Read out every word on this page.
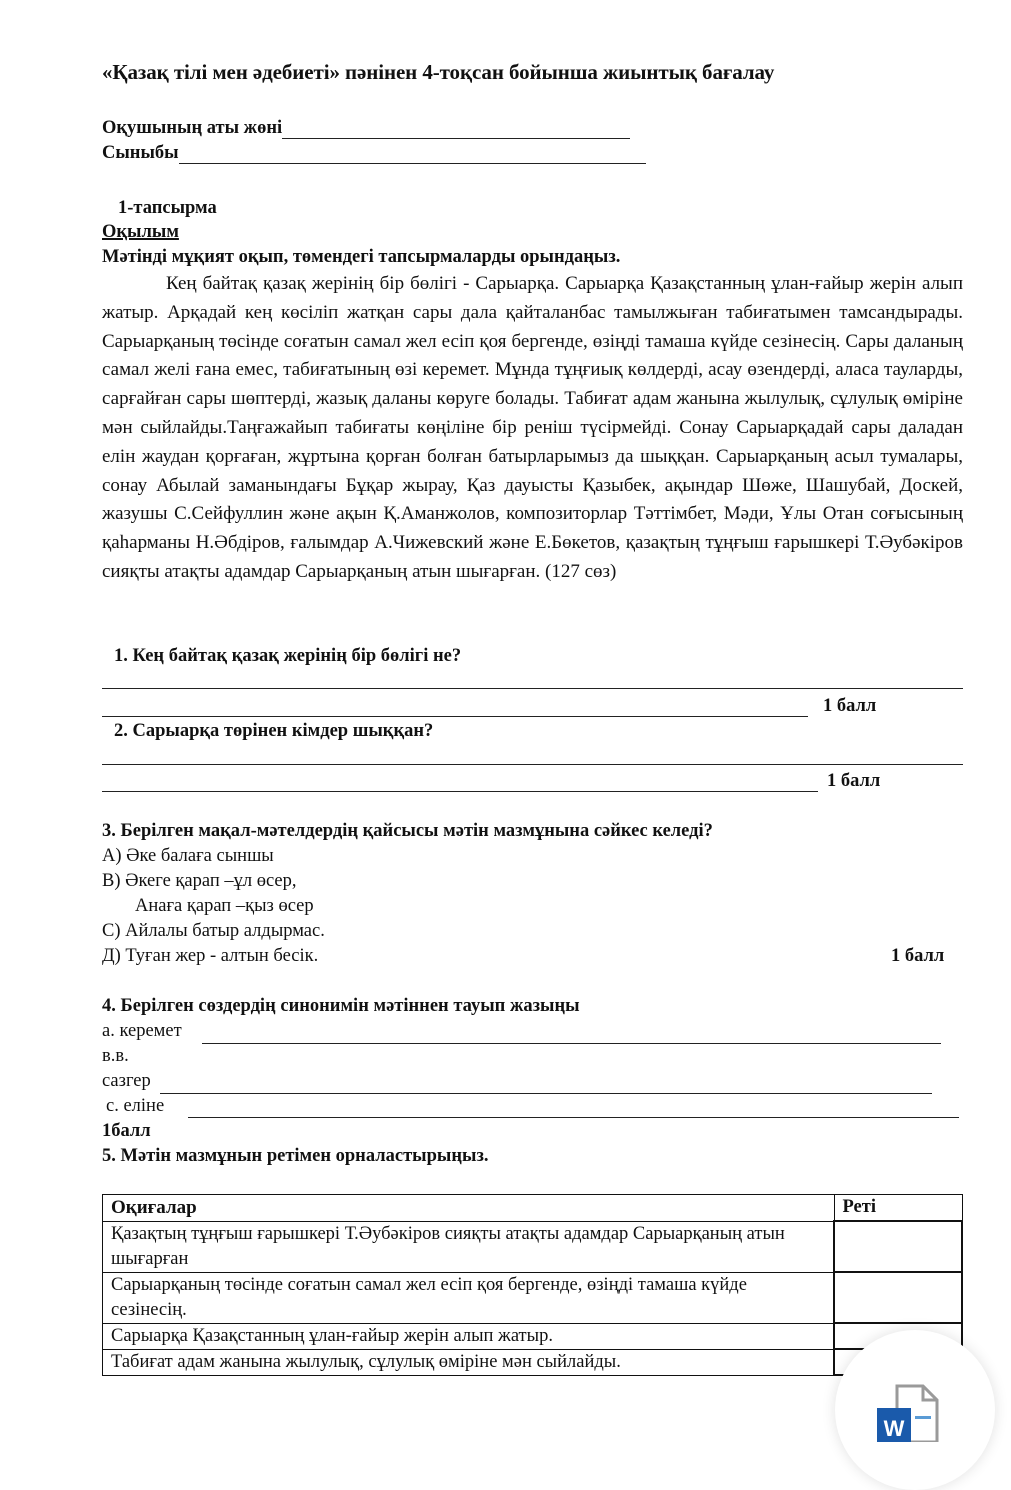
«Қазақ тілі мен әдебиеті» пәнінен 4-тоқсан бойынша жиынтық бағалау
Оқушының аты жөні
Сыныбы
1-тапсырма
Оқылым
Мәтінді мұқият оқып, төмендегі тапсырмаларды орындаңыз.
Кең байтақ қазақ жерінің бір бөлігі - Сарыарқа. Сарыарқа Қазақстанның ұлан-ғайыр жерін алып жатыр. Арқадай кең көсіліп жатқан сары дала қайталанбас тамылжыған табиғатымен тамсандырады. Сарыарқаның төсінде соғатын самал жел есіп қоя бергенде, өзіңді тамаша күйде сезінесің. Сары даланың самал желі ғана емес, табиғатының өзі керемет. Мұнда тұңғиық көлдерді, асау өзендерді, аласа тауларды, сарғайған сары шөптерді, жазық даланы көруге болады. Табиғат адам жанына жылулық, сұлулық өміріне мән сыйлайды.Таңғажайып табиғаты көңіліне бір реніш түсірмейді. Сонау Сарыарқадай сары даладан елін жаудан қорғаған, жұртына қорған болған батырларымыз да шыққан. Сарыарқаның асыл тумалары, сонау Абылай заманындағы Бұқар жырау, Қаз дауысты Қазыбек, ақындар Шөже, Шашубай, Доскей, жазушы С.Сейфуллин және ақын Қ.Аманжолов, композиторлар Тәттімбет, Мәди, Ұлы Отан соғысының қаһарманы Н.Әбдіров, ғалымдар А.Чижевский және Е.Бөкетов, қазақтың тұңғыш ғарышкері Т.Әубәкіров сияқты атақты адамдар Сарыарқаның атын шығарған. (127 сөз)
1. Кең байтақ қазақ жерінің бір бөлігі не?
1 балл
2. Сарыарқа төрінен кімдер шыққан?
1 балл
3. Берілген мақал-мәтелдердің қайсысы мәтін мазмұнына сәйкес келеді?
А) Әке балаға сыншы
В) Әкеге қарап –ұл өсер,
Анаға қарап –қыз өсер
С) Айлалы батыр алдырмас.
Д) Туған жер - алтын бесік.	1 балл
4. Берілген сөздердің синонимін мәтіннен тауып жазыңы
а. керемет
в.в.
сазгер
с. еліне
1балл
5. Мәтін мазмұнын ретімен орналастырыңыз.
Оқиғалар	Реті
Қазақтың тұңғыш ғарышкері Т.Әубәкіров сияқты атақты адамдар Сарыарқаның атын шығарған	
Сарыарқаның төсінде соғатын самал жел есіп қоя бергенде, өзіңді тамаша күйде сезінесің.	
Сарыарқа Қазақстанның ұлан-ғайыр жерін алып жатыр.	
Табиғат адам жанына жылулық, сұлулық өміріне мән сыйлайды.	
W
